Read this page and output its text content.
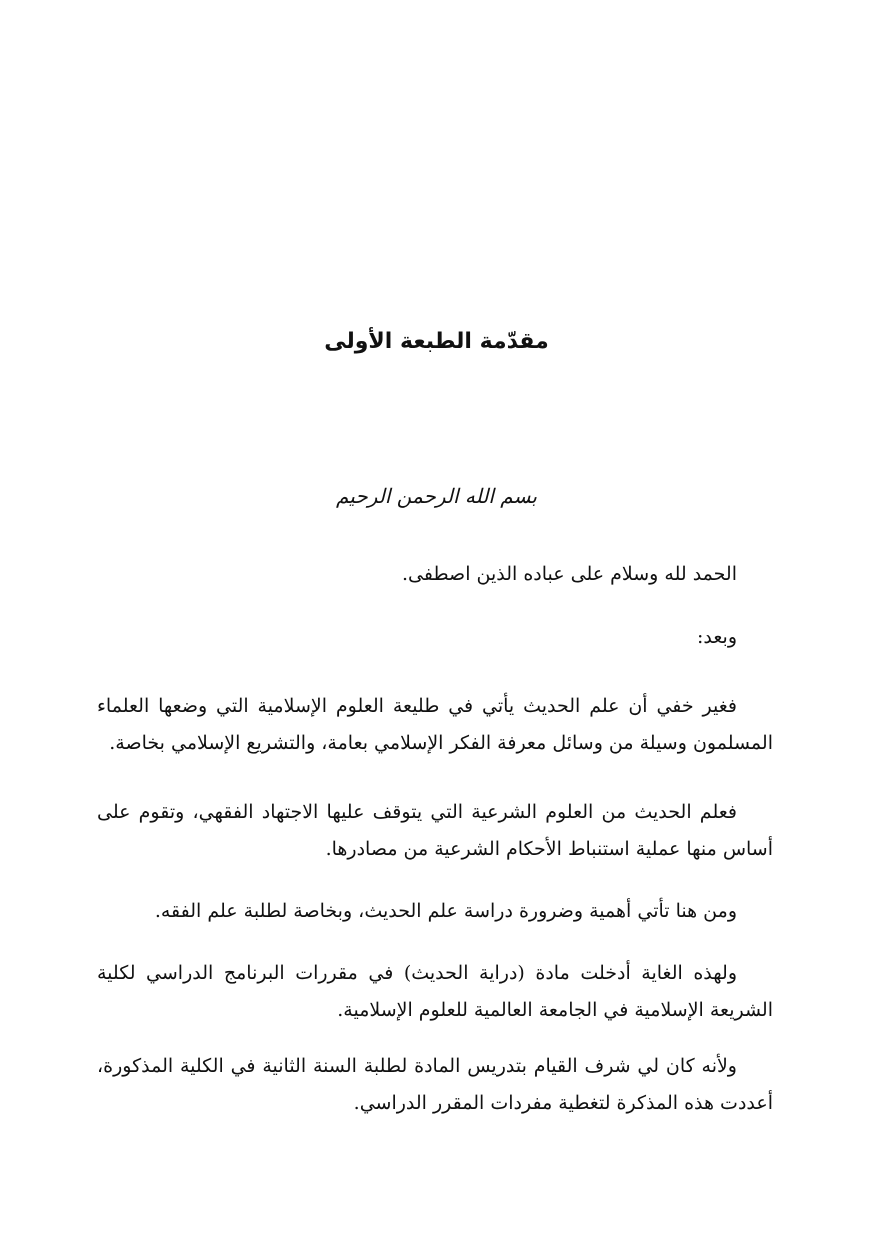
مقدّمة الطبعة الأولى
بسم الله الرحمن الرحيم

الحمد لله وسلام على عباده الذين اصطفى.

وبعد:

فغير خفي أن علم الحديث يأتي في طليعة العلوم الإسلامية التي وضعها العلماء المسلمون وسيلة من وسائل معرفة الفكر الإسلامي بعامة، والتشريع الإسلامي بخاصة.

فعلم الحديث من العلوم الشرعية التي يتوقف عليها الاجتهاد الفقهي، وتقوم على أساس منها عملية استنباط الأحكام الشرعية من مصادرها.

ومن هنا تأتي أهمية وضرورة دراسة علم الحديث، وبخاصة لطلبة علم الفقه.

ولهذه الغاية أدخلت مادة (دراية الحديث) في مقررات البرنامج الدراسي لكلية الشريعة الإسلامية في الجامعة العالمية للعلوم الإسلامية.

ولأنه كان لي شرف القيام بتدريس المادة لطلبة السنة الثانية في الكلية المذكورة، أعددت هذه المذكرة لتغطية مفردات المقرر الدراسي.
